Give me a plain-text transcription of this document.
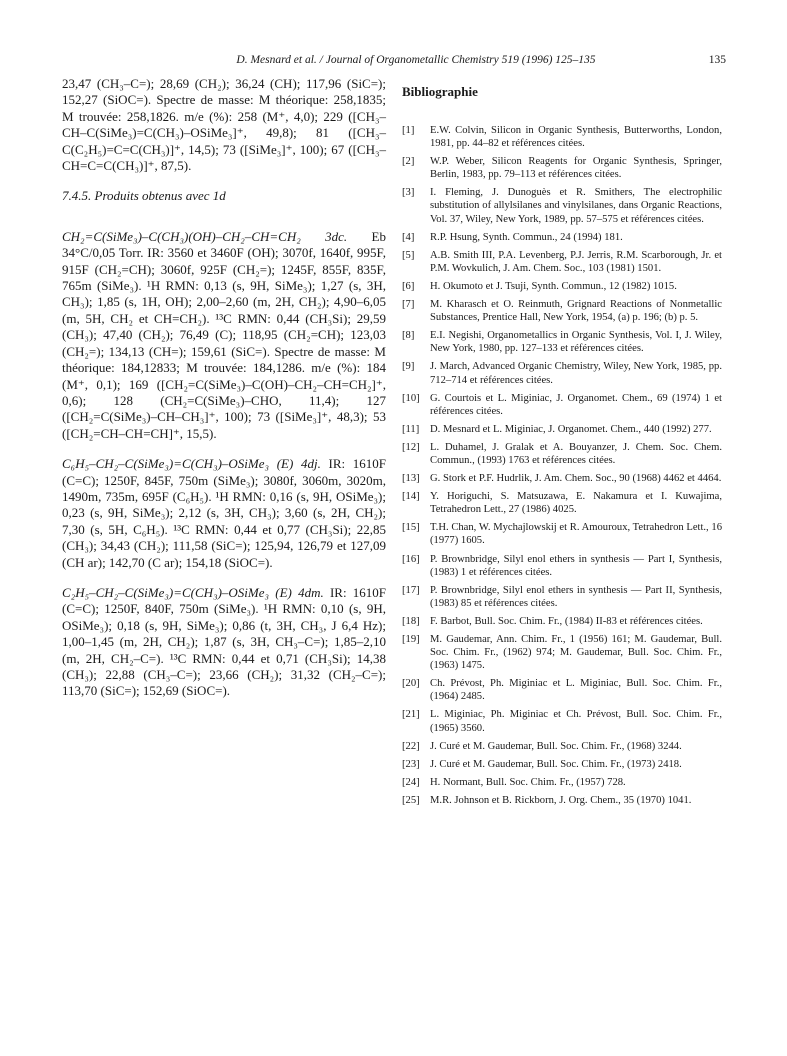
D. Mesnard et al. / Journal of Organometallic Chemistry 519 (1996) 125–135	135

23,47 (CH₃–C=); 28,69 (CH₂); 36,24 (CH); 117,96 (SiC=); 152,27 (SiOC=). Spectre de masse: M théorique: 258,1835; M trouvée: 258,1826. m/e (%): 258 (M⁺, 4,0); 229 ([CH₃–CH–C(SiMe₃)=C(CH₃)–OSiMe₃]⁺, 49,8); 81 ([CH₃–C(C₂H₅)=C=C(CH₃)]⁺, 14,5); 73 ([SiMe₃]⁺, 100); 67 ([CH₃–CH=C=C(CH₃)]⁺, 87,5).

7.4.5. Produits obtenus avec 1d

CH₂=C(SiMe₃)–C(CH₃)(OH)–CH₂–CH=CH₂ 3dc. Eb 34°C/0,05 Torr. IR: 3560 et 3460F (OH); 3070f, 1640f, 995F, 915F (CH₂=CH); 3060f, 925F (CH₂=); 1245F, 855F, 835F, 765m (SiMe₃). ¹H RMN: 0,13 (s, 9H, SiMe₃); 1,27 (s, 3H, CH₃); 1,85 (s, 1H, OH); 2,00–2,60 (m, 2H, CH₂); 4,90–6,05 (m, 5H, CH₂ et CH=CH₂). ¹³C RMN: 0,44 (CH₃Si); 29,59 (CH₃); 47,40 (CH₂); 76,49 (C); 118,95 (CH₂=CH); 123,03 (CH₂=); 134,13 (CH=); 159,61 (SiC=). Spectre de masse: M théorique: 184,12833; M trouvée: 184,1286. m/e (%): 184 (M⁺, 0,1); 169 ([CH₂=C(SiMe₃)–C(OH)–CH₂–CH=CH₂]⁺, 0,6); 128 (CH₂=C(SiMe₃)–CHO, 11,4); 127 ([CH₂=C(SiMe₃)–CH–CH₃]⁺, 100); 73 ([SiMe₃]⁺, 48,3); 53 ([CH₂=CH–CH=CH]⁺, 15,5).

C₆H₅–CH₂–C(SiMe₃)=C(CH₃)–OSiMe₃ (E) 4dj. IR: 1610F (C=C); 1250F, 845F, 750m (SiMe₃); 3080f, 3060m, 3020m, 1490m, 735m, 695F (C₆H₅). ¹H RMN: 0,16 (s, 9H, OSiMe₃); 0,23 (s, 9H, SiMe₃); 2,12 (s, 3H, CH₃); 3,60 (s, 2H, CH₂); 7,30 (s, 5H, C₆H₅). ¹³C RMN: 0,44 et 0,77 (CH₃Si); 22,85 (CH₃); 34,43 (CH₂); 111,58 (SiC=); 125,94, 126,79 et 127,09 (CH ar); 142,70 (C ar); 154,18 (SiOC=).

C₂H₅–CH₂–C(SiMe₃)=C(CH₃)–OSiMe₃ (E) 4dm. IR: 1610F (C=C); 1250F, 840F, 750m (SiMe₃). ¹H RMN: 0,10 (s, 9H, OSiMe₃); 0,18 (s, 9H, SiMe₃); 0,86 (t, 3H, CH₃, J 6,4 Hz); 1,00–1,45 (m, 2H, CH₂); 1,87 (s, 3H, CH₃–C=); 1,85–2,10 (m, 2H, CH₂–C=). ¹³C RMN: 0,44 et 0,71 (CH₃Si); 14,38 (CH₃); 22,88 (CH₃–C=); 23,66 (CH₂); 31,32 (CH₂–C=); 113,70 (SiC=); 152,69 (SiOC=).

Bibliographie
[1]	E.W. Colvin, Silicon in Organic Synthesis, Butterworths, London, 1981, pp. 44–82 et références citées.
[2]	W.P. Weber, Silicon Reagents for Organic Synthesis, Springer, Berlin, 1983, pp. 79–113 et références citées.
[3]	I. Fleming, J. Dunoguès et R. Smithers, The electrophilic substitution of allylsilanes and vinylsilanes, dans Organic Reactions, Vol. 37, Wiley, New York, 1989, pp. 57–575 et références citées.
[4]	R.P. Hsung, Synth. Commun., 24 (1994) 181.
[5]	A.B. Smith III, P.A. Levenberg, P.J. Jerris, R.M. Scarborough, Jr. et P.M. Wovkulich, J. Am. Chem. Soc., 103 (1981) 1501.
[6]	H. Okumoto et J. Tsuji, Synth. Commun., 12 (1982) 1015.
[7]	M. Kharasch et O. Reinmuth, Grignard Reactions of Nonmetallic Substances, Prentice Hall, New York, 1954, (a) p. 196; (b) p. 5.
[8]	E.I. Negishi, Organometallics in Organic Synthesis, Vol. I, J. Wiley, New York, 1980, pp. 127–133 et références citées.
[9]	J. March, Advanced Organic Chemistry, Wiley, New York, 1985, pp. 712–714 et références citées.
[10] G. Courtois et L. Miginiac, J. Organomet. Chem., 69 (1974) 1 et références citées.
[11]	D. Mesnard et L. Miginiac, J. Organomet. Chem., 440 (1992) 277.
[12] L. Duhamel, J. Gralak et A. Bouyanzer, J. Chem. Soc. Chem. Commun., (1993) 1763 et références citées.
[13] G. Stork et P.F. Hudrlik, J. Am. Chem. Soc., 90 (1968) 4462 et 4464.
[14] Y. Horiguchi, S. Matsuzawa, E. Nakamura et I. Kuwajima, Tetrahedron Lett., 27 (1986) 4025.
[15] T.H. Chan, W. Mychajlowskij et R. Amouroux, Tetrahedron Lett., 16 (1977) 1605.
[16] P. Brownbridge, Silyl enol ethers in synthesis — Part I, Synthesis, (1983) 1 et références citées.
[17] P. Brownbridge, Silyl enol ethers in synthesis — Part II, Synthesis, (1983) 85 et références citées.
[18] F. Barbot, Bull. Soc. Chim. Fr., (1984) II-83 et références citées.
[19] M. Gaudemar, Ann. Chim. Fr., 1 (1956) 161; M. Gaudemar, Bull. Soc. Chim. Fr., (1962) 974; M. Gaudemar, Bull. Soc. Chim. Fr., (1963) 1475.
[20] Ch. Prévost, Ph. Miginiac et L. Miginiac, Bull. Soc. Chim. Fr., (1964) 2485.
[21] L. Miginiac, Ph. Miginiac et Ch. Prévost, Bull. Soc. Chim. Fr., (1965) 3560.
[22] J. Curé et M. Gaudemar, Bull. Soc. Chim. Fr., (1968) 3244.
[23] J. Curé et M. Gaudemar, Bull. Soc. Chim. Fr., (1973) 2418.
[24] H. Normant, Bull. Soc. Chim. Fr., (1957) 728.
[25] M.R. Johnson et B. Rickborn, J. Org. Chem., 35 (1970) 1041.
